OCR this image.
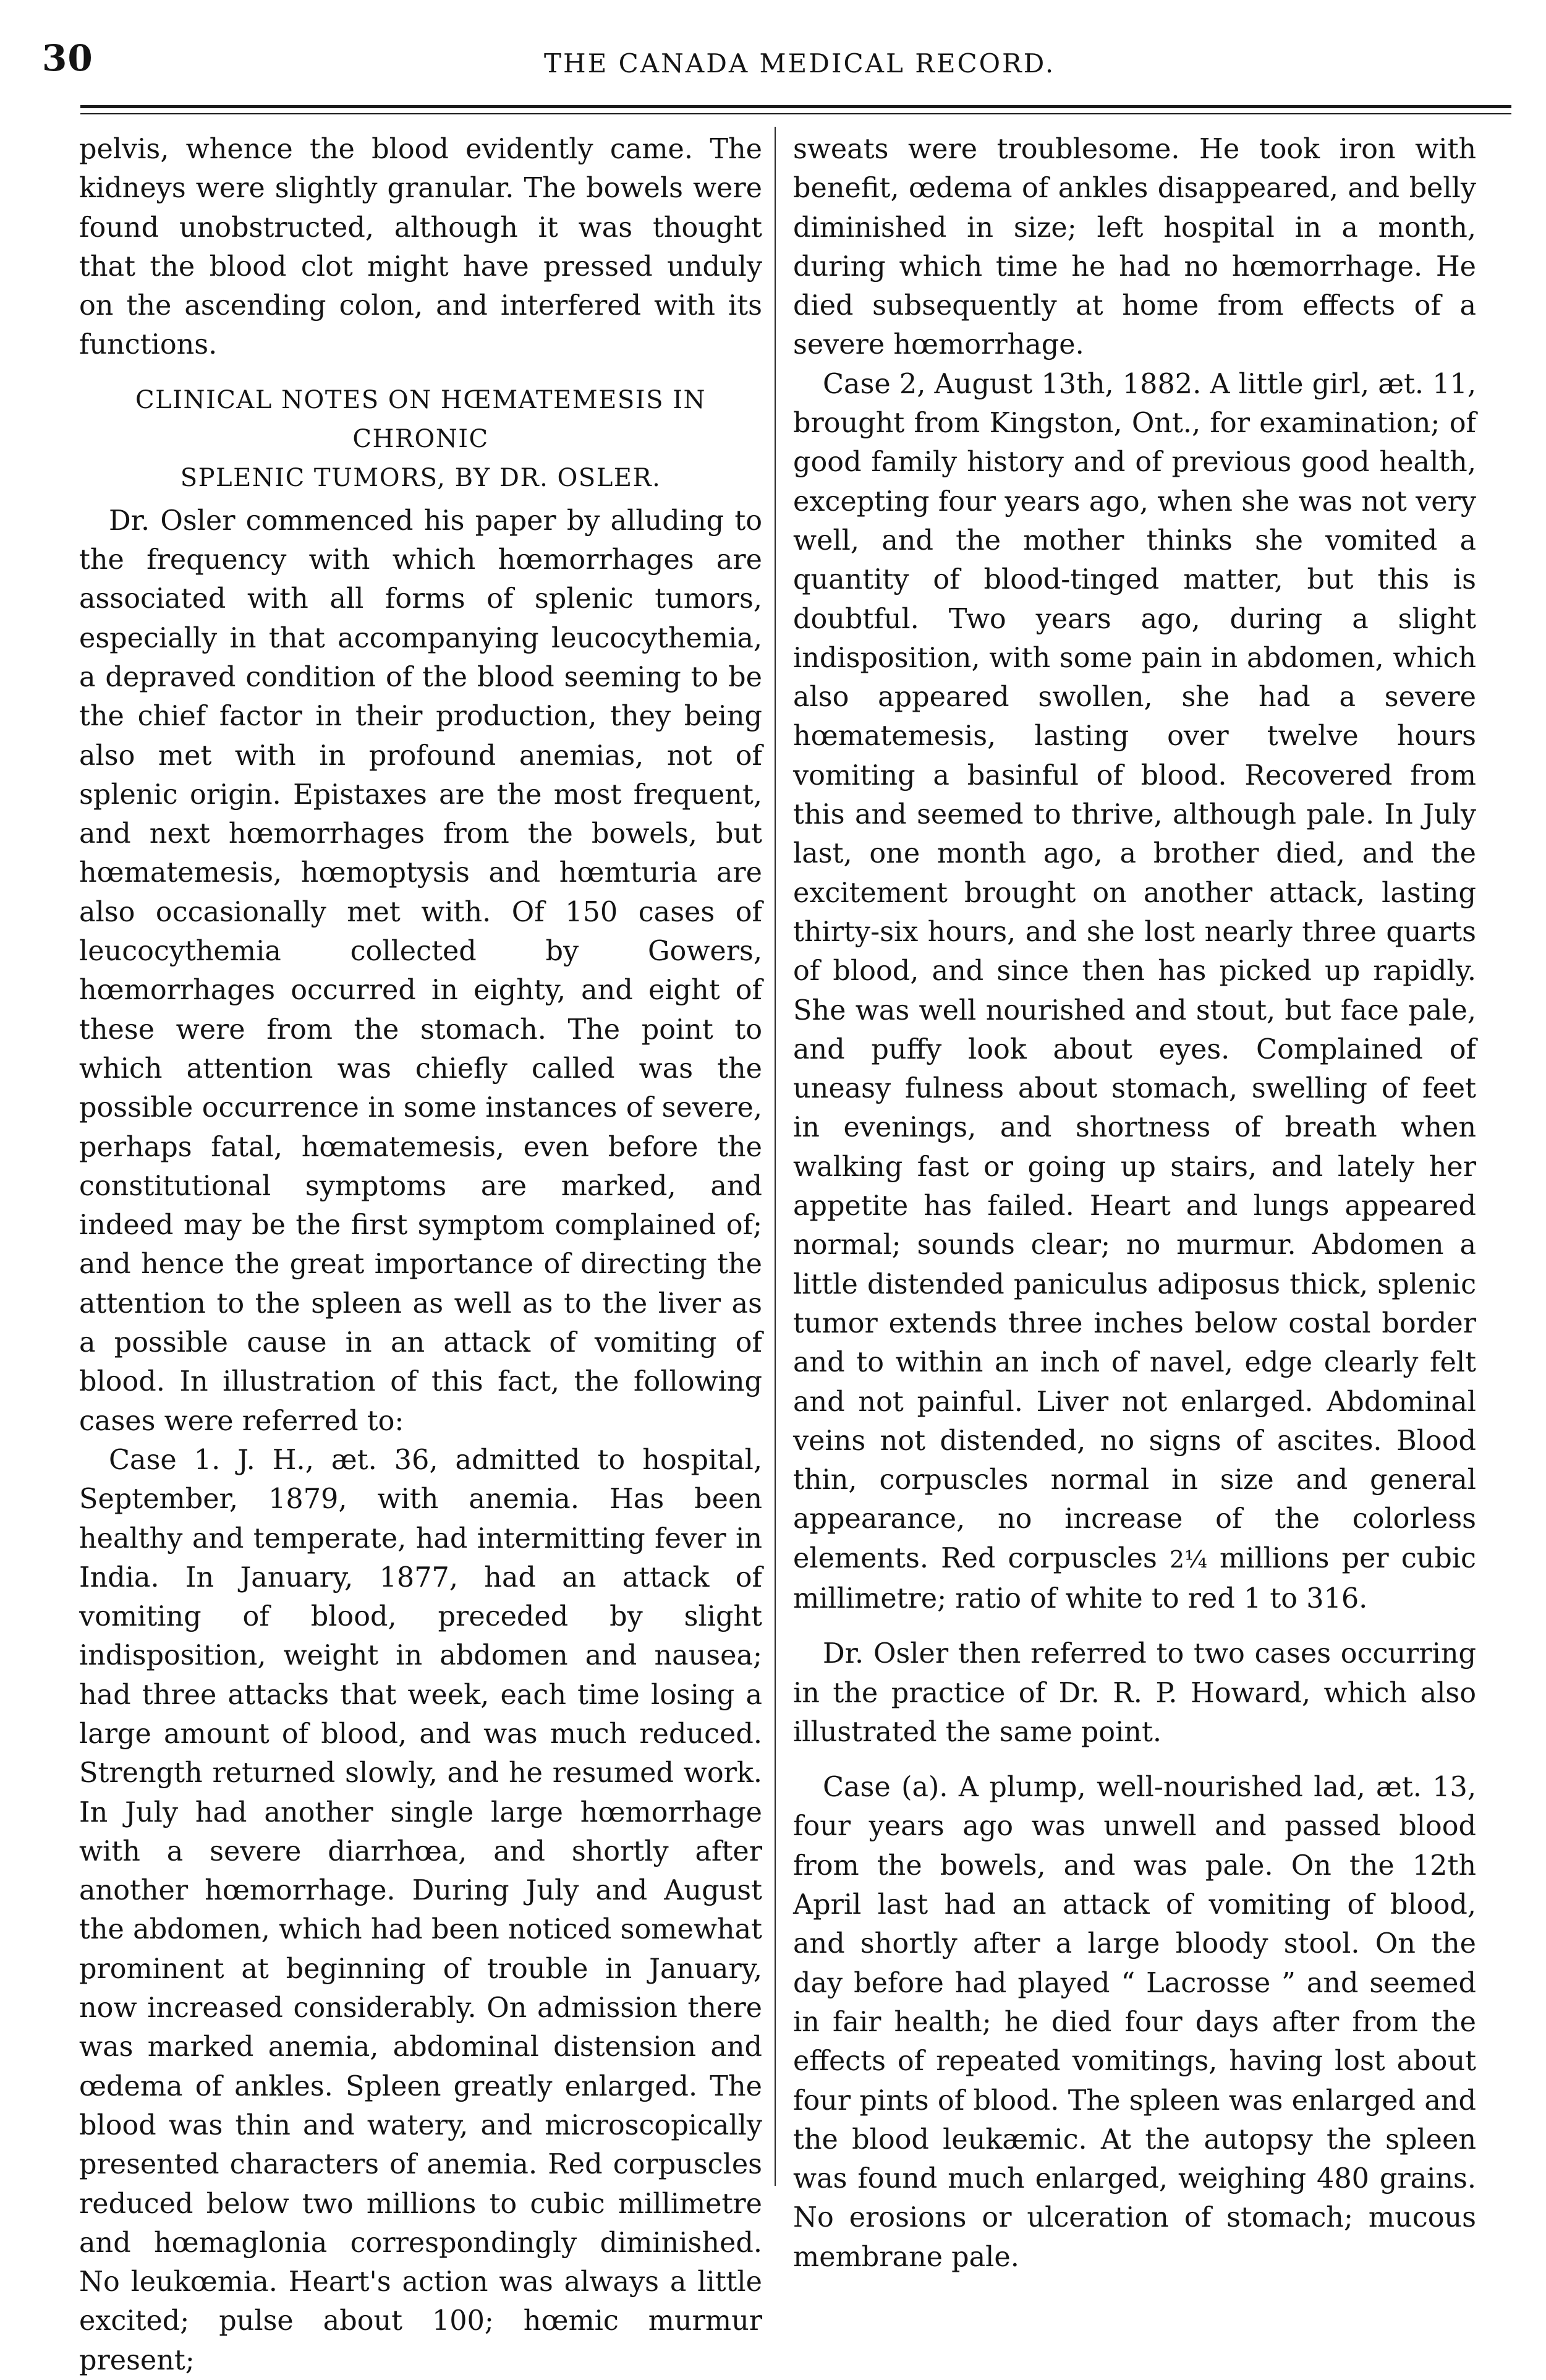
30	THE CANADA MEDICAL RECORD.

pelvis, whence the blood evidently came. The kidneys were slightly granular. The bowels were found unobstructed, although it was thought that the blood clot might have pressed unduly on the ascending colon, and interfered with its functions.

CLINICAL NOTES ON HŒMATEMESIS IN CHRONIC
SPLENIC TUMORS, BY DR. OSLER.

Dr. Osler commenced his paper by alluding to the frequency with which hœmorrhages are associated with all forms of splenic tumors, especially in that accompanying leucocythemia, a depraved condition of the blood seeming to be the chief factor in their production, they being also met with in profound anemias, not of splenic origin. Epistaxes are the most frequent, and next hœmorrhages from the bowels, but hœmatemesis, hœmoptysis and hœmturia are also occasionally met with. Of 150 cases of leucocythemia collected by Gowers, hœmorrhages occurred in eighty, and eight of these were from the stomach. The point to which attention was chiefly called was the possible occurrence in some instances of severe, perhaps fatal, hœmatemesis, even before the constitutional symptoms are marked, and indeed may be the first symptom complained of; and hence the great importance of directing the attention to the spleen as well as to the liver as a possible cause in an attack of vomiting of blood. In illustration of this fact, the following cases were referred to:

Case 1. J. H., æt. 36, admitted to hospital, September, 1879, with anemia. Has been healthy and temperate, had intermitting fever in India. In January, 1877, had an attack of vomiting of blood, preceded by slight indisposition, weight in abdomen and nausea; had three attacks that week, each time losing a large amount of blood, and was much reduced. Strength returned slowly, and he resumed work. In July had another single large hœmorrhage with a severe diarrhœa, and shortly after another hœmorrhage. During July and August the abdomen, which had been noticed somewhat prominent at beginning of trouble in January, now increased considerably. On admission there was marked anemia, abdominal distension and œdema of ankles. Spleen greatly enlarged. The blood was thin and watery, and microscopically presented characters of anemia. Red corpuscles reduced below two millions to cubic millimetre and hœmaglonia correspondingly diminished. No leukœmia. Heart's action was always a little excited; pulse about 100; hœmic murmur present;

sweats were troublesome. He took iron with benefit, œdema of ankles disappeared, and belly diminished in size; left hospital in a month, during which time he had no hœmorrhage. He died subsequently at home from effects of a severe hœmorrhage.

Case 2, August 13th, 1882. A little girl, æt. 11, brought from Kingston, Ont., for examination; of good family history and of previous good health, excepting four years ago, when she was not very well, and the mother thinks she vomited a quantity of blood-tinged matter, but this is doubtful. Two years ago, during a slight indisposition, with some pain in abdomen, which also appeared swollen, she had a severe hœmatemesis, lasting over twelve hours vomiting a basinful of blood. Recovered from this and seemed to thrive, although pale. In July last, one month ago, a brother died, and the excitement brought on another attack, lasting thirty-six hours, and she lost nearly three quarts of blood, and since then has picked up rapidly. She was well nourished and stout, but face pale, and puffy look about eyes. Complained of uneasy fulness about stomach, swelling of feet in evenings, and shortness of breath when walking fast or going up stairs, and lately her appetite has failed. Heart and lungs appeared normal; sounds clear; no murmur. Abdomen a little distended paniculus adiposus thick, splenic tumor extends three inches below costal border and to within an inch of navel, edge clearly felt and not painful. Liver not enlarged. Abdominal veins not distended, no signs of ascites. Blood thin, corpuscles normal in size and general appearance, no increase of the colorless elements. Red corpuscles 2¼ millions per cubic millimetre; ratio of white to red 1 to 316.

Dr. Osler then referred to two cases occurring in the practice of Dr. R. P. Howard, which also illustrated the same point.

Case (a). A plump, well-nourished lad, æt. 13, four years ago was unwell and passed blood from the bowels, and was pale. On the 12th April last had an attack of vomiting of blood, and shortly after a large bloody stool. On the day before had played “ Lacrosse ” and seemed in fair health; he died four days after from the effects of repeated vomitings, having lost about four pints of blood. The spleen was enlarged and the blood leukæmic. At the autopsy the spleen was found much enlarged, weighing 480 grains. No erosions or ulceration of stomach; mucous membrane pale.
